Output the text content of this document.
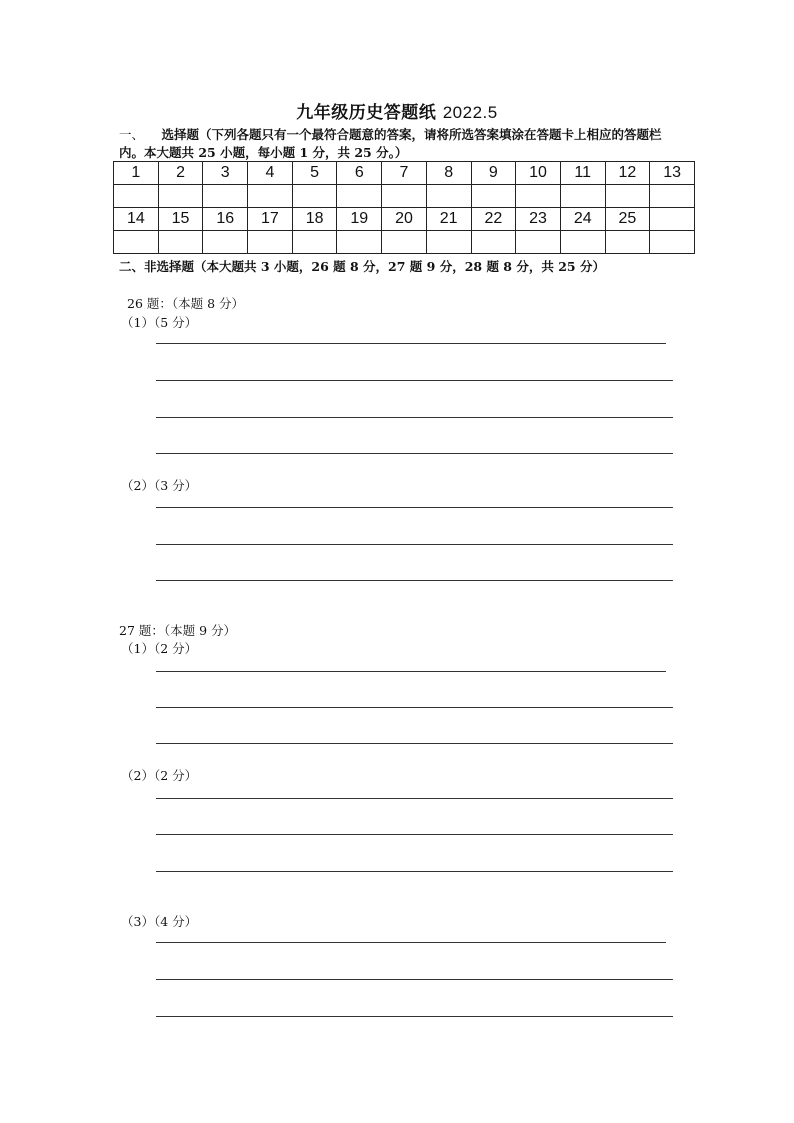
九年级历史答题纸 2022.5
一、 选择题（下列各题只有一个最符合题意的答案，请将所选答案填涂在答题卡上相应的答题栏内。本大题共 25 小题，每小题 1 分，共 25 分。）
1	2	3	4	5	6	7	8	9	10	11	12	13

14	15	16	17	18	19	20	21	22	23	24	25	

二、非选择题（本大题共 3 小题，26 题 8 分，27 题 9 分，28 题 8 分，共 25 分）
26 题：（本题 8 分）
（1）（5 分）
（2）（3 分）
27 题：（本题 9 分）
（1）（2 分）
（2）（2 分）
（3）（4 分）
